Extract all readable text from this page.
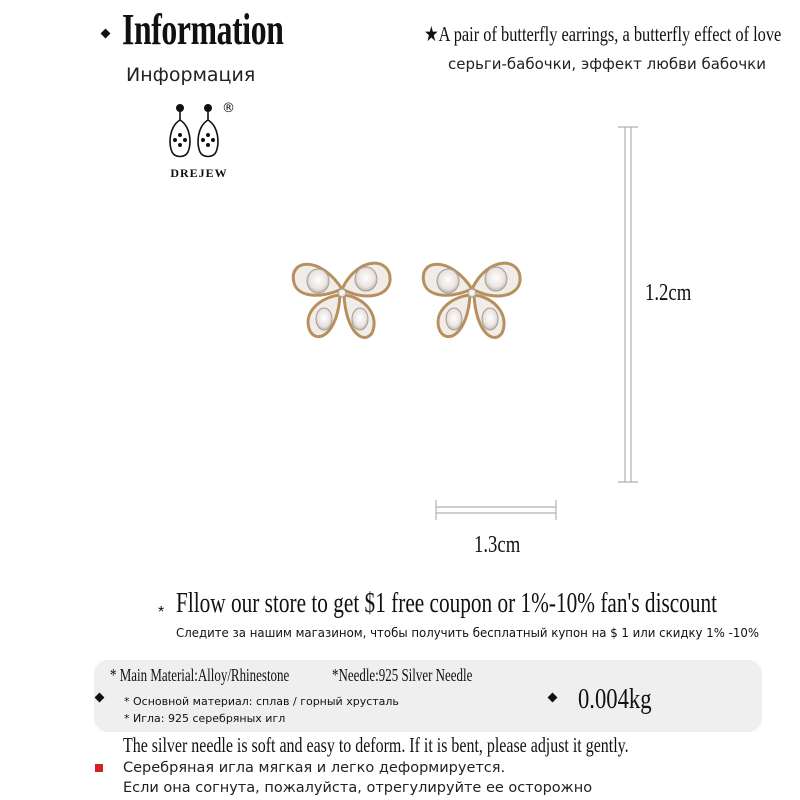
Information
Информация
★A pair of butterfly earrings, a butterfly effect of love
серьги-бабочки, эффект любви бабочки
®
DREJEW
1.2cm
1.3cm
* Fllow our store to get $1 free coupon or 1%-10% fan's discount
Следите за нашим магазином, чтобы получить бесплатный купон на $ 1 или скидку 1% -10%
* Main Material:Alloy/Rhinestone *Needle:925 Silver Needle
* Основной материал: сплав / горный хрусталь
* Игла: 925 серебряных игл
0.004kg
The silver needle is soft and easy to deform. If it is bent, please adjust it gently.
Серебряная игла мягкая и легко деформируется.
Если она согнута, пожалуйста, отрегулируйте ее осторожно
